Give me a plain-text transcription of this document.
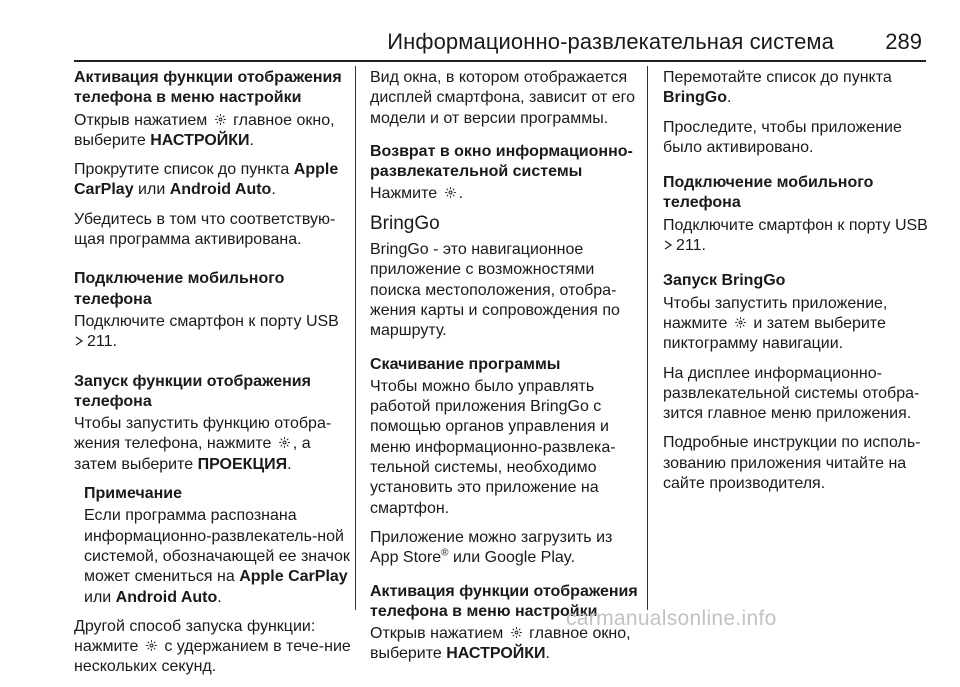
Информационно-развлекательная система 289

Активация функции отображения телефона в меню настройки

Открыв нажатием главное окно, выберите НАСТРОЙКИ.

Прокрутите список до пункта Apple CarPlay или Android Auto.

Убедитесь в том что соответствую-щая программа активирована.

Подключение мобильного телефона

Подключите смартфон к порту USB 211.

Запуск функции отображения телефона

Чтобы запустить функцию отобра-жения телефона, нажмите , а затем выберите ПРОЕКЦИЯ.

Примечание

Если программа распознана информационно-развлекатель-ной системой, обозначающей ее значок может смениться на Apple CarPlay или Android Auto.

Другой способ запуска функции: нажмите с удержанием в тече-ние нескольких секунд.

Вид окна, в котором отображается дисплей смартфона, зависит от его модели и от версии программы.

Возврат в окно информационно-развлекательной системы

Нажмите .

BringGo

BringGo - это навигационное приложение с возможностями поиска местоположения, отобра-жения карты и сопровождения по маршруту.

Скачивание программы

Чтобы можно было управлять работой приложения BringGo с помощью органов управления и меню информационно-развлека-тельной системы, необходимо установить это приложение на смартфон.

Приложение можно загрузить из App Store® или Google Play.

Активация функции отображения телефона в меню настройки

Открыв нажатием главное окно, выберите НАСТРОЙКИ.

Перемотайте список до пункта BringGo.

Проследите, чтобы приложение было активировано.

Подключение мобильного телефона

Подключите смартфон к порту USB 211.

Запуск BringGo

Чтобы запустить приложение, нажмите и затем выберите пиктограмму навигации.

На дисплее информационно-развлекательной системы отобра-зится главное меню приложения.

Подробные инструкции по исполь-зованию приложения читайте на сайте производителя.

carmanualsonline.info
